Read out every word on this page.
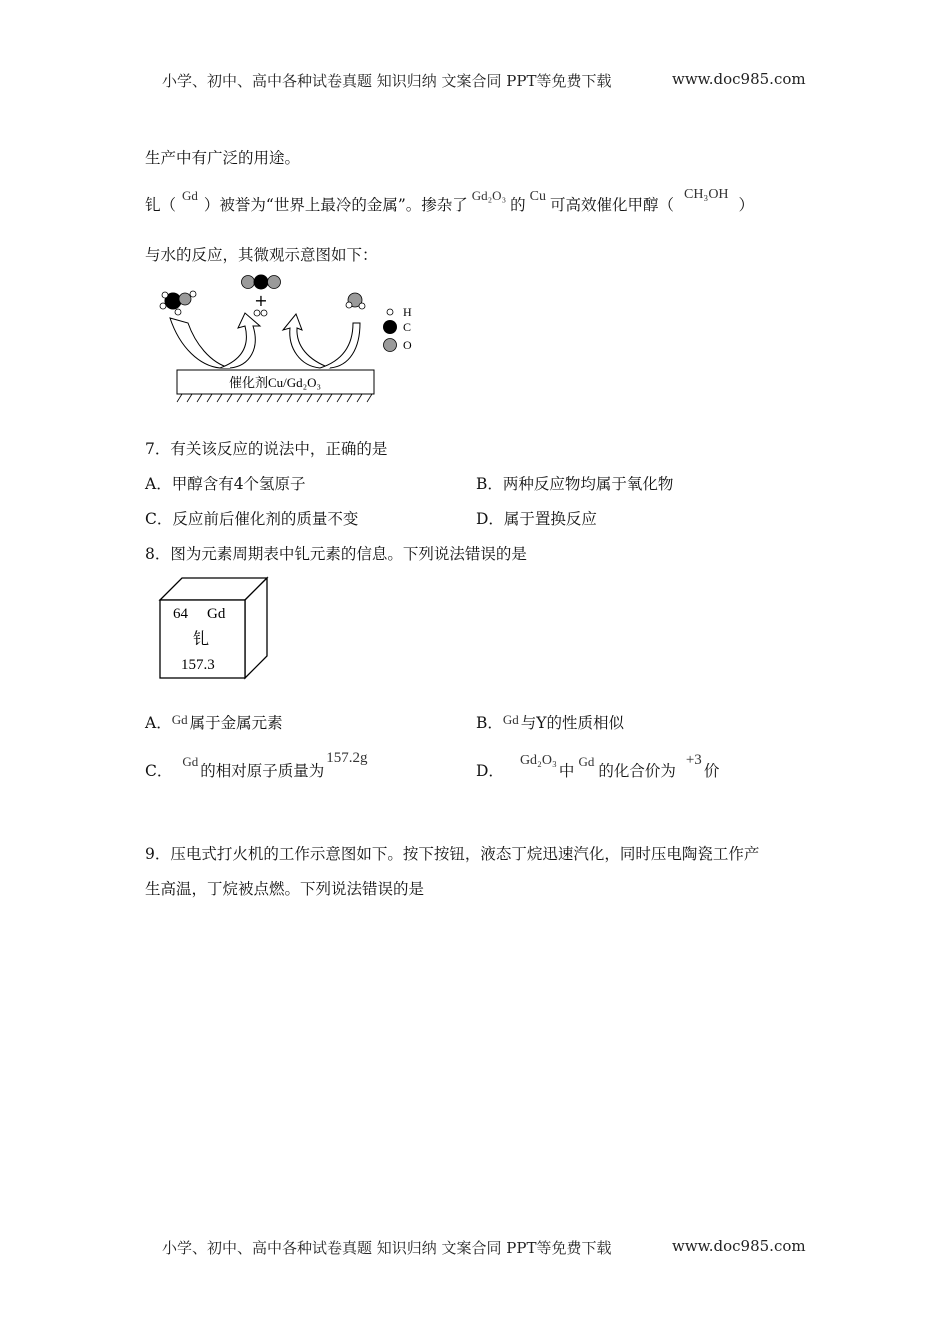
小学、初中、高中各种试卷真题 知识归纳 文案合同 PPT等免费下载	www.doc985.com
生产中有广泛的用途。
钆（$^{Gd}$）被誉为“世界上最冷的金属”。掺杂了$^{Gd_2O_3}$的 Cu 可高效催化甲醇（CH₃OH）
与水的反应，其微观示意图如下：
+
催化剂Cu/Gd₂O₃
H
C
O
7．有关该反应的说法中，正确的是
A．甲醇含有4个氢原子	B．两种反应物均属于氧化物
C．反应前后催化剂的质量不变	D．属于置换反应
8．图为元素周期表中钆元素的信息。下列说法错误的是
64 Gd
钆
157.3
A．$^{Gd}$ 属于金属元素	B．$^{Gd}$ 与Y的性质相似
C．$^{Gd}$的相对原子质量为157.2g
D．Gd₂O₃中$^{Gd}$的化合价为+3价
9．压电式打火机的工作示意图如下。按下按钮，液态丁烷迅速汽化，同时压电陶瓷工作产
生高温，丁烷被点燃。下列说法错误的是
小学、初中、高中各种试卷真题 知识归纳 文案合同 PPT等免费下载	www.doc985.com
